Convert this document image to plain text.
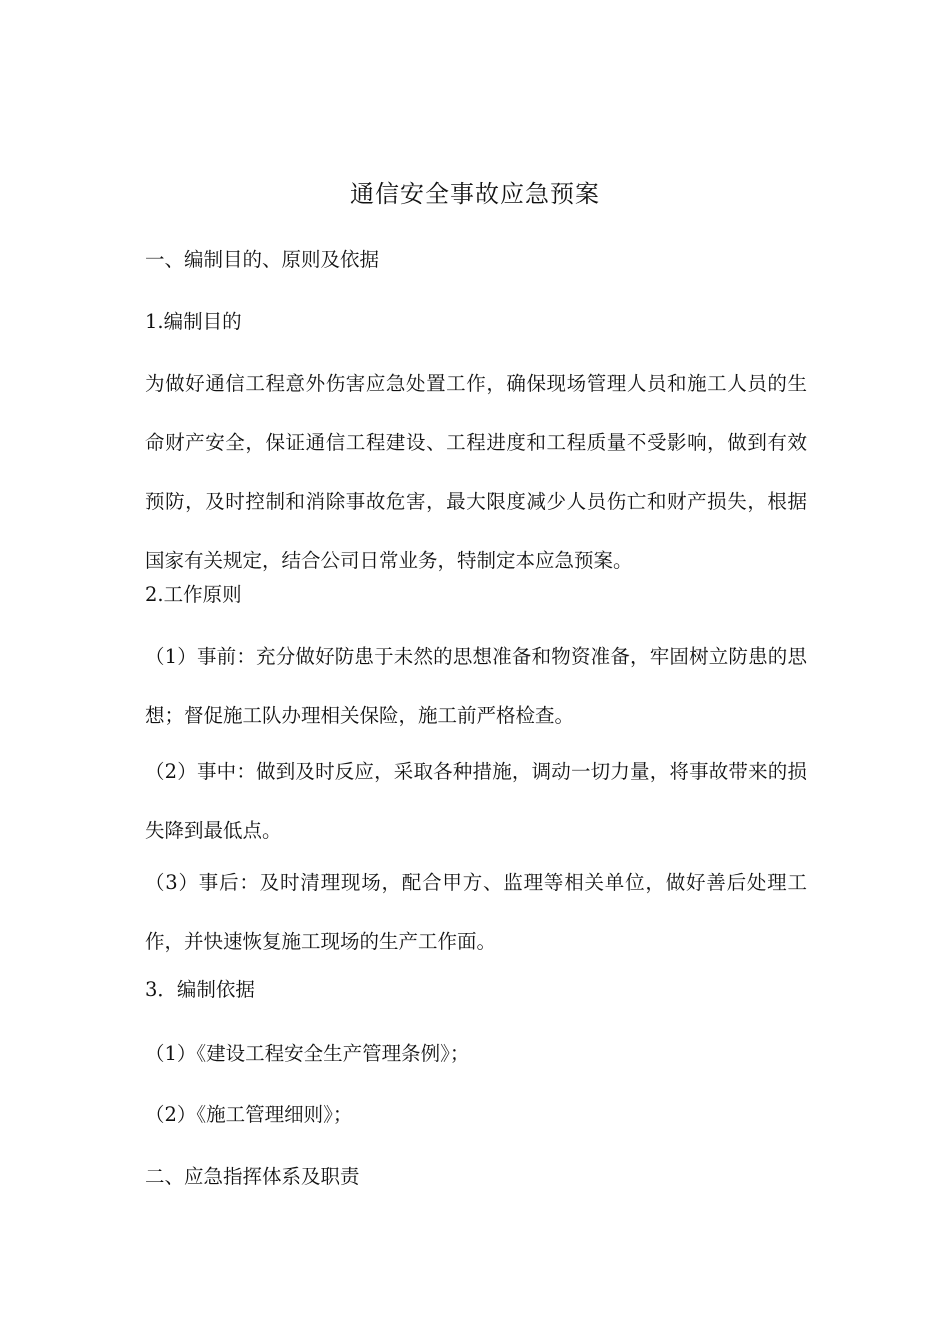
通信安全事故应急预案
一、编制目的、原则及依据
1.编制目的
为做好通信工程意外伤害应急处置工作，确保现场管理人员和施工人员的生命财产安全，保证通信工程建设、工程进度和工程质量不受影响，做到有效预防，及时控制和消除事故危害，最大限度减少人员伤亡和财产损失，根据国家有关规定，结合公司日常业务，特制定本应急预案。
2.工作原则
（1）事前：充分做好防患于未然的思想准备和物资准备，牢固树立防患的思想；督促施工队办理相关保险，施工前严格检查。
（2）事中：做到及时反应，采取各种措施，调动一切力量，将事故带来的损失降到最低点。
（3）事后：及时清理现场，配合甲方、监理等相关单位，做好善后处理工作，并快速恢复施工现场的生产工作面。
3．编制依据
（1）《建设工程安全生产管理条例》；
（2）《施工管理细则》；
二、应急指挥体系及职责
